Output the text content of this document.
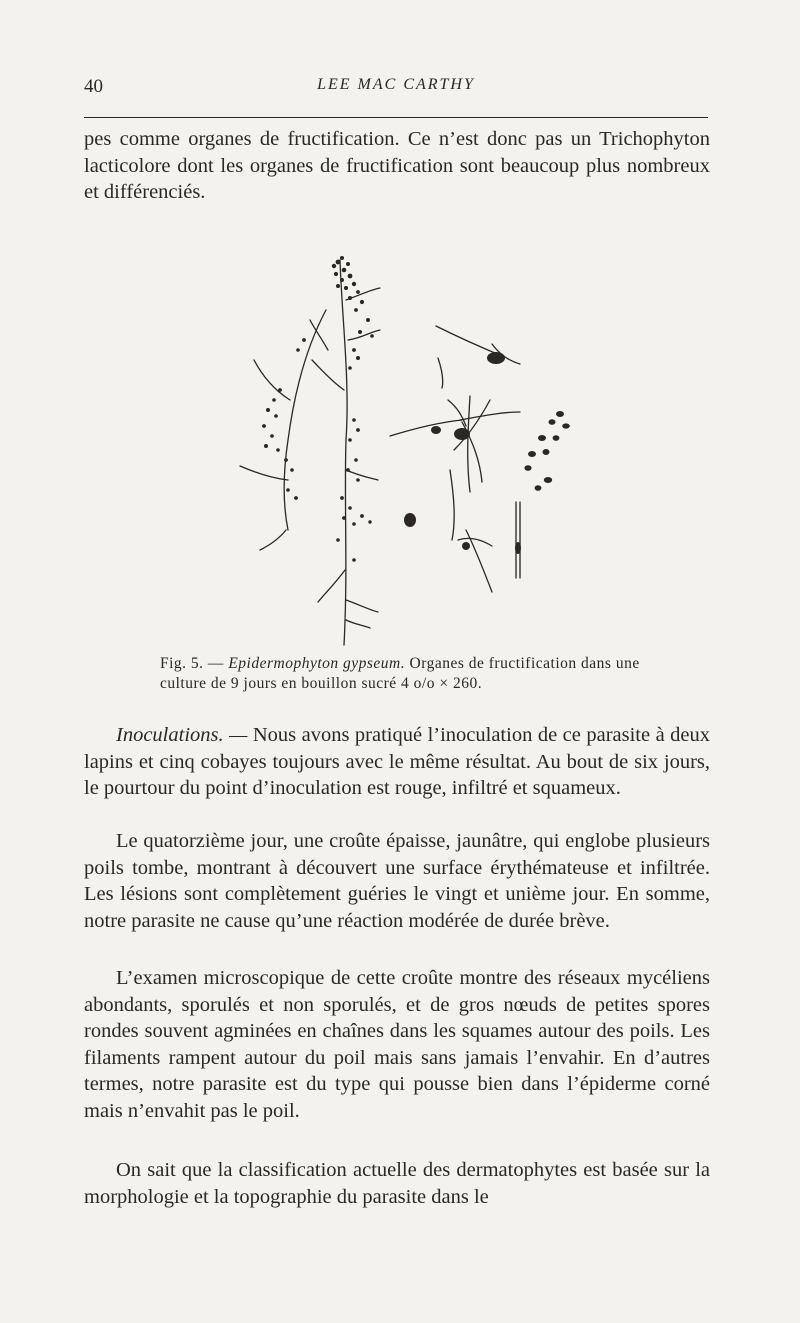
40	LEE MAC CARTHY

pes comme organes de fructification. Ce n’est donc pas un Trichophyton lacticolore dont les organes de fructification sont beaucoup plus nombreux et différenciés.

Fig. 5. — Epidermophyton gypseum. Organes de fructification dans une culture de 9 jours en bouillon sucré 4 o/o × 260.

Inoculations. — Nous avons pratiqué l’inoculation de ce parasite à deux lapins et cinq cobayes toujours avec le même résultat. Au bout de six jours, le pourtour du point d’inoculation est rouge, infiltré et squameux.

Le quatorzième jour, une croûte épaisse, jaunâtre, qui englobe plusieurs poils tombe, montrant à découvert une surface érythémateuse et infiltrée. Les lésions sont complètement guéries le vingt et unième jour. En somme, notre parasite ne cause qu’une réaction modérée de durée brève.

L’examen microscopique de cette croûte montre des réseaux mycéliens abondants, sporulés et non sporulés, et de gros nœuds de petites spores rondes souvent agminées en chaînes dans les squames autour des poils. Les filaments rampent autour du poil mais sans jamais l’envahir. En d’autres termes, notre parasite est du type qui pousse bien dans l’épiderme corné mais n’envahit pas le poil.

On sait que la classification actuelle des dermatophytes est basée sur la morphologie et la topographie du parasite dans le
